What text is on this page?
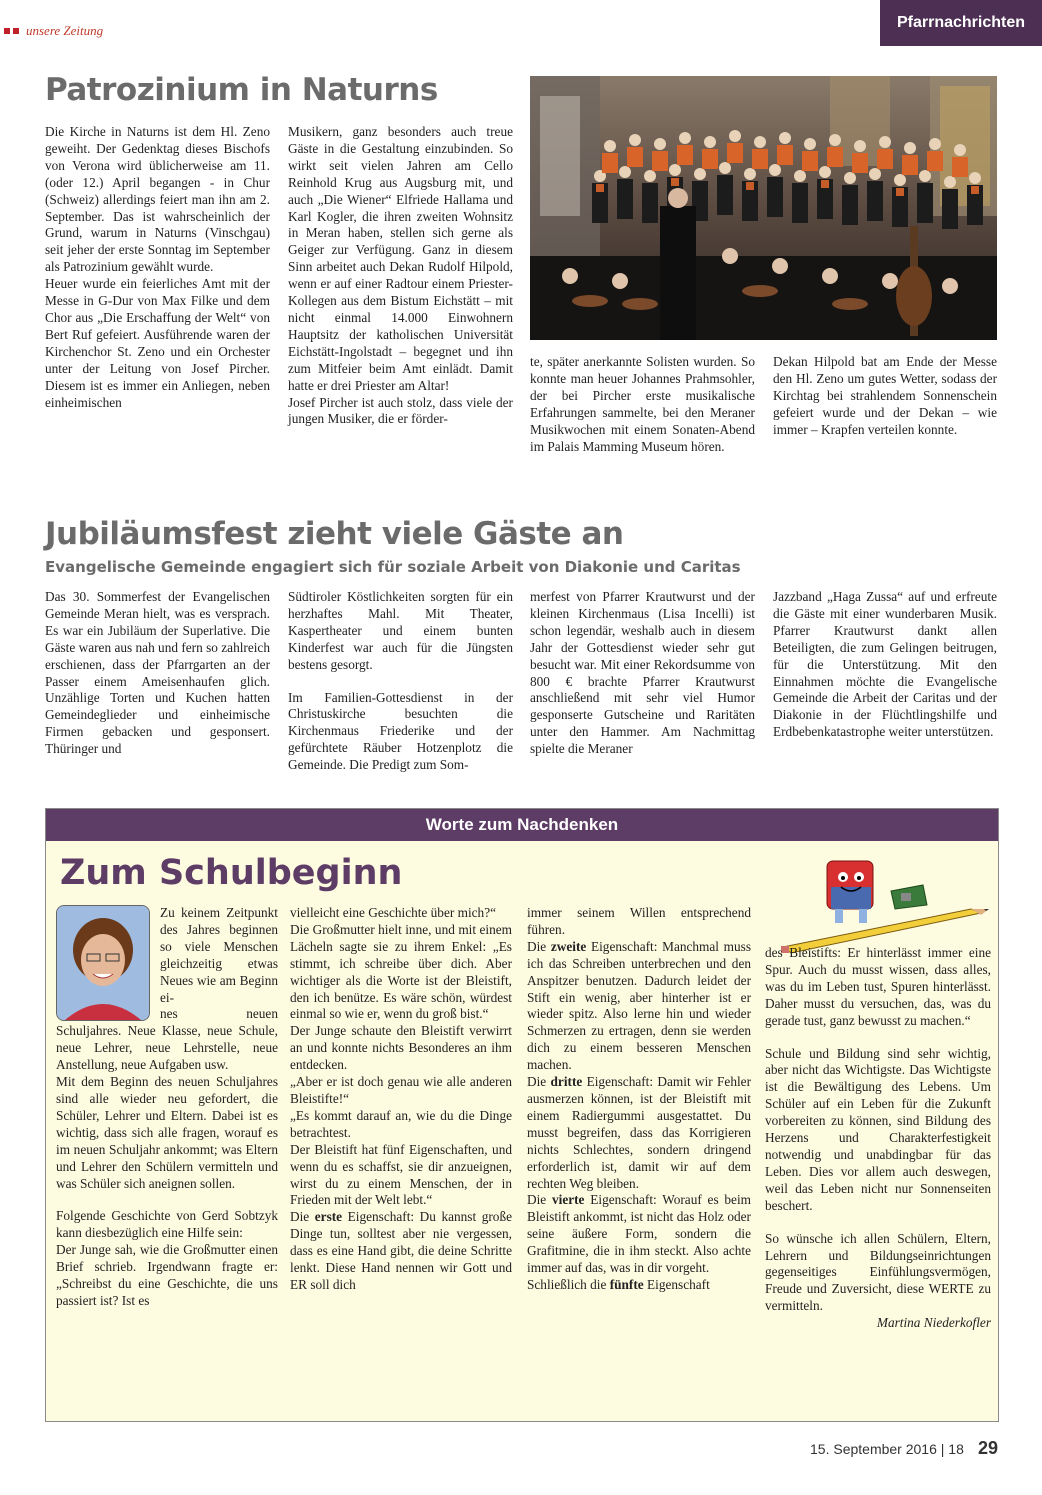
unsere Zeitung	Pfarrnachrichten
Patrozinium in Naturns

Die Kirche in Naturns ist dem Hl. Zeno geweiht. Der Gedenktag dieses Bischofs von Verona wird üblicherweise am 11. (oder 12.) April begangen - in Chur (Schweiz) allerdings feiert man ihn am 2. September. Das ist wahrscheinlich der Grund, warum in Naturns (Vinschgau) seit jeher der erste Sonntag im September als Patrozinium gewählt wurde.

Heuer wurde ein feierliches Amt mit der Messe in G-Dur von Max Filke und dem Chor aus „Die Erschaffung der Welt“ von Bert Ruf gefeiert. Ausführende waren der Kirchenchor St. Zeno und ein Orchester unter der Leitung von Josef Pircher. Diesem ist es immer ein Anliegen, neben einheimischen

Musikern, ganz besonders auch treue Gäste in die Gestaltung einzubinden. So wirkt seit vielen Jahren am Cello Reinhold Krug aus Augsburg mit, und auch „Die Wiener“ Elfriede Hallama und Karl Kogler, die ihren zweiten Wohnsitz in Meran haben, stellen sich gerne als Geiger zur Verfügung. Ganz in diesem Sinn arbeitet auch Dekan Rudolf Hilpold, wenn er auf einer Radtour einem Priester-Kollegen aus dem Bistum Eichstätt – mit nicht einmal 14.000 Einwohnern Hauptsitz der katholischen Universität Eichstätt-Ingolstadt – begegnet und ihn zum Mitfeier beim Amt einlädt. Damit hatte er drei Priester am Altar!

Josef Pircher ist auch stolz, dass viele der jungen Musiker, die er förder-

te, später anerkannte Solisten wurden. So konnte man heuer Johannes Prahmsohler, der bei Pircher erste musikalische Erfahrungen sammelte, bei den Meraner Musikwochen mit einem Sonaten-Abend im Palais Mamming Museum hören.

Dekan Hilpold bat am Ende der Messe den Hl. Zeno um gutes Wetter, sodass der Kirchtag bei strahlendem Sonnenschein gefeiert wurde und der Dekan – wie immer – Krapfen verteilen konnte.

Jubiläumsfest zieht viele Gäste an
Evangelische Gemeinde engagiert sich für soziale Arbeit von Diakonie und Caritas

Das 30. Sommerfest der Evangelischen Gemeinde Meran hielt, was es versprach. Es war ein Jubiläum der Superlative. Die Gäste waren aus nah und fern so zahlreich erschienen, dass der Pfarrgarten an der Passer einem Ameisenhaufen glich. Unzählige Torten und Kuchen hatten Gemeindeglieder und einheimische Firmen gebacken und gesponsert. Thüringer und

Südtiroler Köstlichkeiten sorgten für ein herzhaftes Mahl. Mit Theater, Kaspertheater und einem bunten Kinderfest war auch für die Jüngsten bestens gesorgt.

Im Familien-Gottesdienst in der Christuskirche besuchten die Kirchenmaus Friederike und der gefürchtete Räuber Hotzenplotz die Gemeinde. Die Predigt zum Som-

merfest von Pfarrer Krautwurst und der kleinen Kirchenmaus (Lisa Incelli) ist schon legendär, weshalb auch in diesem Jahr der Gottesdienst wieder sehr gut besucht war. Mit einer Rekordsumme von 800 € brachte Pfarrer Krautwurst anschließend mit sehr viel Humor gesponserte Gutscheine und Raritäten unter den Hammer. Am Nachmittag spielte die Meraner

Jazzband „Haga Zussa“ auf und erfreute die Gäste mit einer wunderbaren Musik. Pfarrer Krautwurst dankt allen Beteiligten, die zum Gelingen beitrugen, für die Unterstützung. Mit den Einnahmen möchte die Evangelische Gemeinde die Arbeit der Caritas und der Diakonie in der Flüchtlingshilfe und Erdbebenkatastrophe weiter unterstützen.

Worte zum Nachdenken
Zum Schulbeginn

Zu keinem Zeitpunkt des Jahres beginnen so viele Menschen gleichzeitig etwas Neues wie am Beginn ei-

nes neuen Schuljahres. Neue Klasse, neue Schule, neue Lehrer, neue Lehrstelle, neue Anstellung, neue Aufgaben usw.

Mit dem Beginn des neuen Schuljahres sind alle wieder neu gefordert, die Schüler, Lehrer und Eltern. Dabei ist es wichtig, dass sich alle fragen, worauf es im neuen Schuljahr ankommt; was Eltern und Lehrer den Schülern vermitteln und was Schüler sich aneignen sollen.

Folgende Geschichte von Gerd Sobtzyk kann diesbezüglich eine Hilfe sein:

Der Junge sah, wie die Großmutter einen Brief schrieb. Irgendwann fragte er: „Schreibst du eine Geschichte, die uns passiert ist? Ist es

vielleicht eine Geschichte über mich?“

Die Großmutter hielt inne, und mit einem Lächeln sagte sie zu ihrem Enkel: „Es stimmt, ich schreibe über dich. Aber wichtiger als die Worte ist der Bleistift, den ich benütze. Es wäre schön, würdest einmal so wie er, wenn du groß bist.“

Der Junge schaute den Bleistift verwirrt an und konnte nichts Besonderes an ihm entdecken.

„Aber er ist doch genau wie alle anderen Bleistifte!“

„Es kommt darauf an, wie du die Dinge betrachtest.

Der Bleistift hat fünf Eigenschaften, und wenn du es schaffst, sie dir anzueignen, wirst du zu einem Menschen, der in Frieden mit der Welt lebt.“

Die erste Eigenschaft: Du kannst große Dinge tun, solltest aber nie vergessen, dass es eine Hand gibt, die deine Schritte lenkt. Diese Hand nennen wir Gott und ER soll dich

immer seinem Willen entsprechend führen.

Die zweite Eigenschaft: Manchmal muss ich das Schreiben unterbrechen und den Anspitzer benutzen. Dadurch leidet der Stift ein wenig, aber hinterher ist er wieder spitz. Also lerne hin und wieder Schmerzen zu ertragen, denn sie werden dich zu einem besseren Menschen machen.

Die dritte Eigenschaft: Damit wir Fehler ausmerzen können, ist der Bleistift mit einem Radiergummi ausgestattet. Du musst begreifen, dass das Korrigieren nichts Schlechtes, sondern dringend erforderlich ist, damit wir auf dem rechten Weg bleiben.

Die vierte Eigenschaft: Worauf es beim Bleistift ankommt, ist nicht das Holz oder seine äußere Form, sondern die Grafitmine, die in ihm steckt. Also achte immer auf das, was in dir vorgeht.

Schließlich die fünfte Eigenschaft

des Bleistifts: Er hinterlässt immer eine Spur. Auch du musst wissen, dass alles, was du im Leben tust, Spuren hinterlässt. Daher musst du versuchen, das, was du gerade tust, ganz bewusst zu machen.“

Schule und Bildung sind sehr wichtig, aber nicht das Wichtigste. Das Wichtigste ist die Bewältigung des Lebens. Um Schüler auf ein Leben für die Zukunft vorbereiten zu können, sind Bildung des Herzens und Charakterfestigkeit notwendig und unabdingbar für das Leben. Dies vor allem auch deswegen, weil das Leben nicht nur Sonnenseiten beschert.

So wünsche ich allen Schülern, Eltern, Lehrern und Bildungseinrichtungen gegenseitiges Einfühlungsvermögen, Freude und Zuversicht, diese WERTE zu vermitteln.

Martina Niederkofler

15. September 2016 | 18 29
